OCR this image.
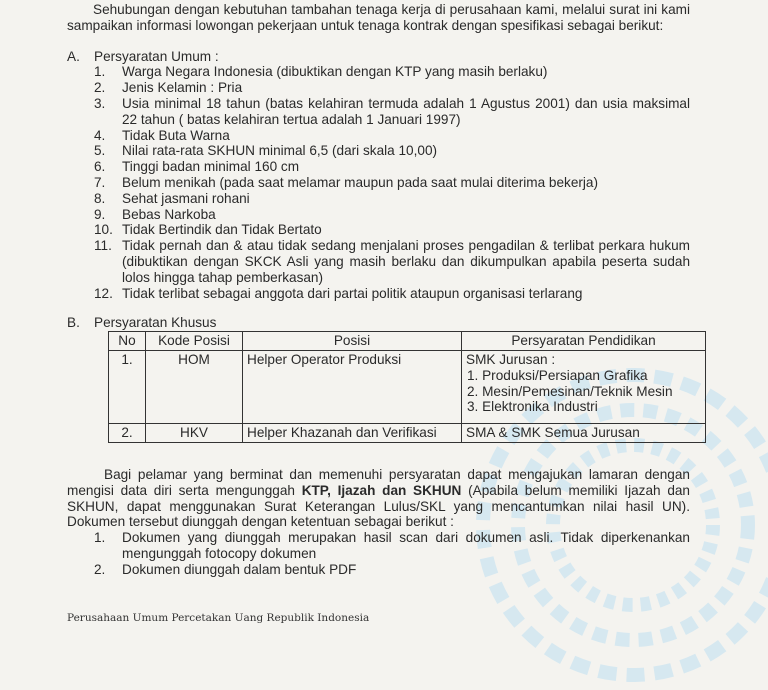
Sehubungan dengan kebutuhan tambahan tenaga kerja di perusahaan kami, melalui surat ini kami sampaikan informasi lowongan pekerjaan untuk tenaga kontrak dengan spesifikasi sebagai berikut:

A.	Persyaratan Umum :
1.	Warga Negara Indonesia (dibuktikan dengan KTP yang masih berlaku)
2.	Jenis Kelamin : Pria
3.	Usia minimal 18 tahun (batas kelahiran termuda adalah 1 Agustus 2001) dan usia maksimal 22 tahun ( batas kelahiran tertua adalah 1 Januari 1997)
4.	Tidak Buta Warna
5.	Nilai rata-rata SKHUN minimal 6,5 (dari skala 10,00)
6.	Tinggi badan minimal 160 cm
7.	Belum menikah (pada saat melamar maupun pada saat mulai diterima bekerja)
8.	Sehat jasmani rohani
9.	Bebas Narkoba
10. Tidak Bertindik dan Tidak Bertato
11. Tidak pernah dan & atau tidak sedang menjalani proses pengadilan & terlibat perkara hukum (dibuktikan dengan SKCK Asli yang masih berlaku dan dikumpulkan apabila peserta sudah lolos hingga tahap pemberkasan)
12. Tidak terlibat sebagai anggota dari partai politik ataupun organisasi terlarang
B.	Persyaratan Khusus
No	Kode Posisi	Posisi	Persyaratan Pendidikan
1.	HOM	Helper Operator Produksi	SMK Jurusan :
1. Produksi/Persiapan Grafika
2. Mesin/Pemesinan/Teknik Mesin
3. Elektronika Industri

2.	HKV	Helper Khazanah dan Verifikasi	SMA & SMK Semua Jurusan

Bagi pelamar yang berminat dan memenuhi persyaratan dapat mengajukan lamaran dengan mengisi data diri serta mengunggah KTP, Ijazah dan SKHUN (Apabila belum memiliki Ijazah dan SKHUN, dapat menggunakan Surat Keterangan Lulus/SKL yang mencantumkan nilai hasil UN). Dokumen tersebut diunggah dengan ketentuan sebagai berikut :

1.	Dokumen yang diunggah merupakan hasil scan dari dokumen asli. Tidak diperkenankan mengunggah fotocopy dokumen
2.	Dokumen diunggah dalam bentuk PDF
Perusahaan Umum Percetakan Uang Republik Indonesia
